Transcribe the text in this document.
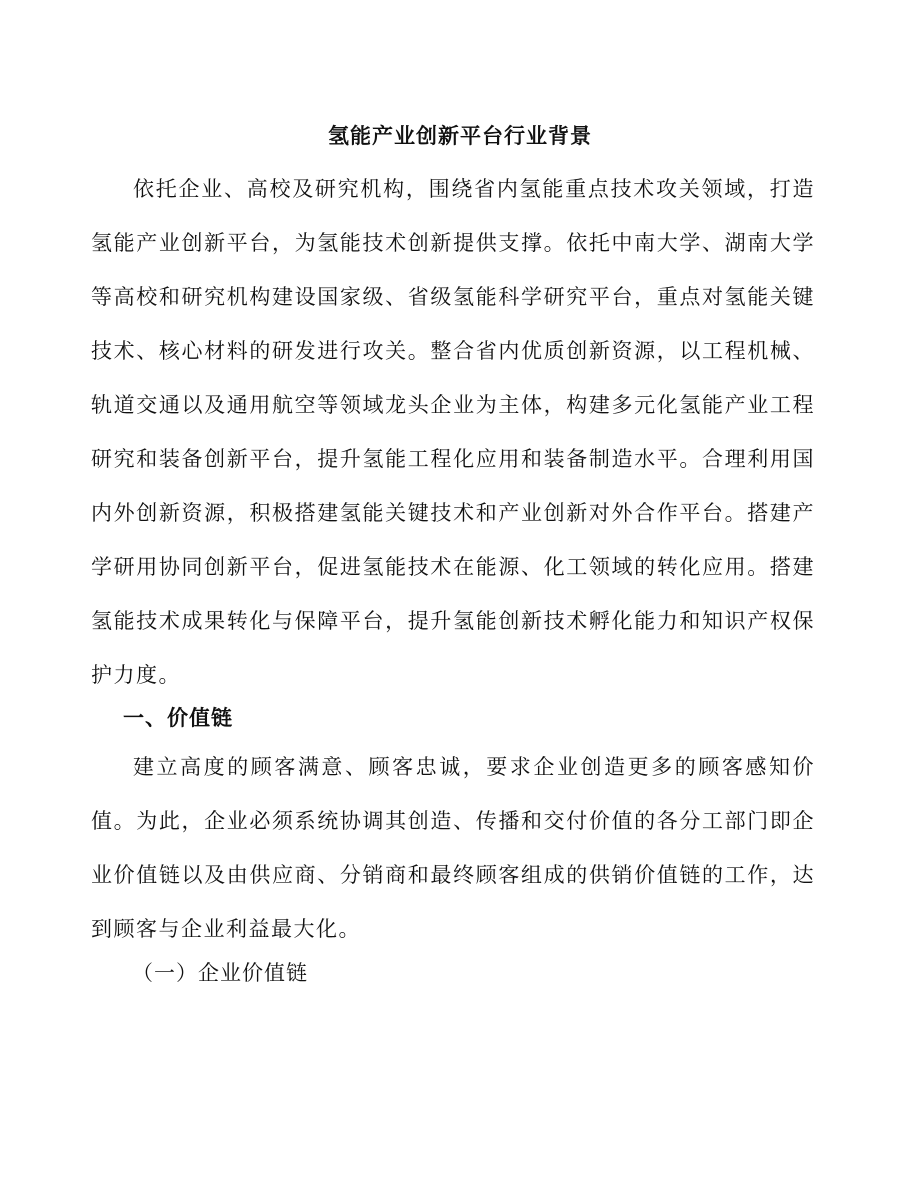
氢能产业创新平台行业背景

依托企业、高校及研究机构，围绕省内氢能重点技术攻关领域，打造氢能产业创新平台，为氢能技术创新提供支撑。依托中南大学、湖南大学等高校和研究机构建设国家级、省级氢能科学研究平台，重点对氢能关键技术、核心材料的研发进行攻关。整合省内优质创新资源，以工程机械、轨道交通以及通用航空等领域龙头企业为主体，构建多元化氢能产业工程研究和装备创新平台，提升氢能工程化应用和装备制造水平。合理利用国内外创新资源，积极搭建氢能关键技术和产业创新对外合作平台。搭建产学研用协同创新平台，促进氢能技术在能源、化工领域的转化应用。搭建氢能技术成果转化与保障平台，提升氢能创新技术孵化能力和知识产权保护力度。

一、价值链

建立高度的顾客满意、顾客忠诚，要求企业创造更多的顾客感知价值。为此，企业必须系统协调其创造、传播和交付价值的各分工部门即企业价值链以及由供应商、分销商和最终顾客组成的供销价值链的工作，达到顾客与企业利益最大化。

（一）企业价值链
